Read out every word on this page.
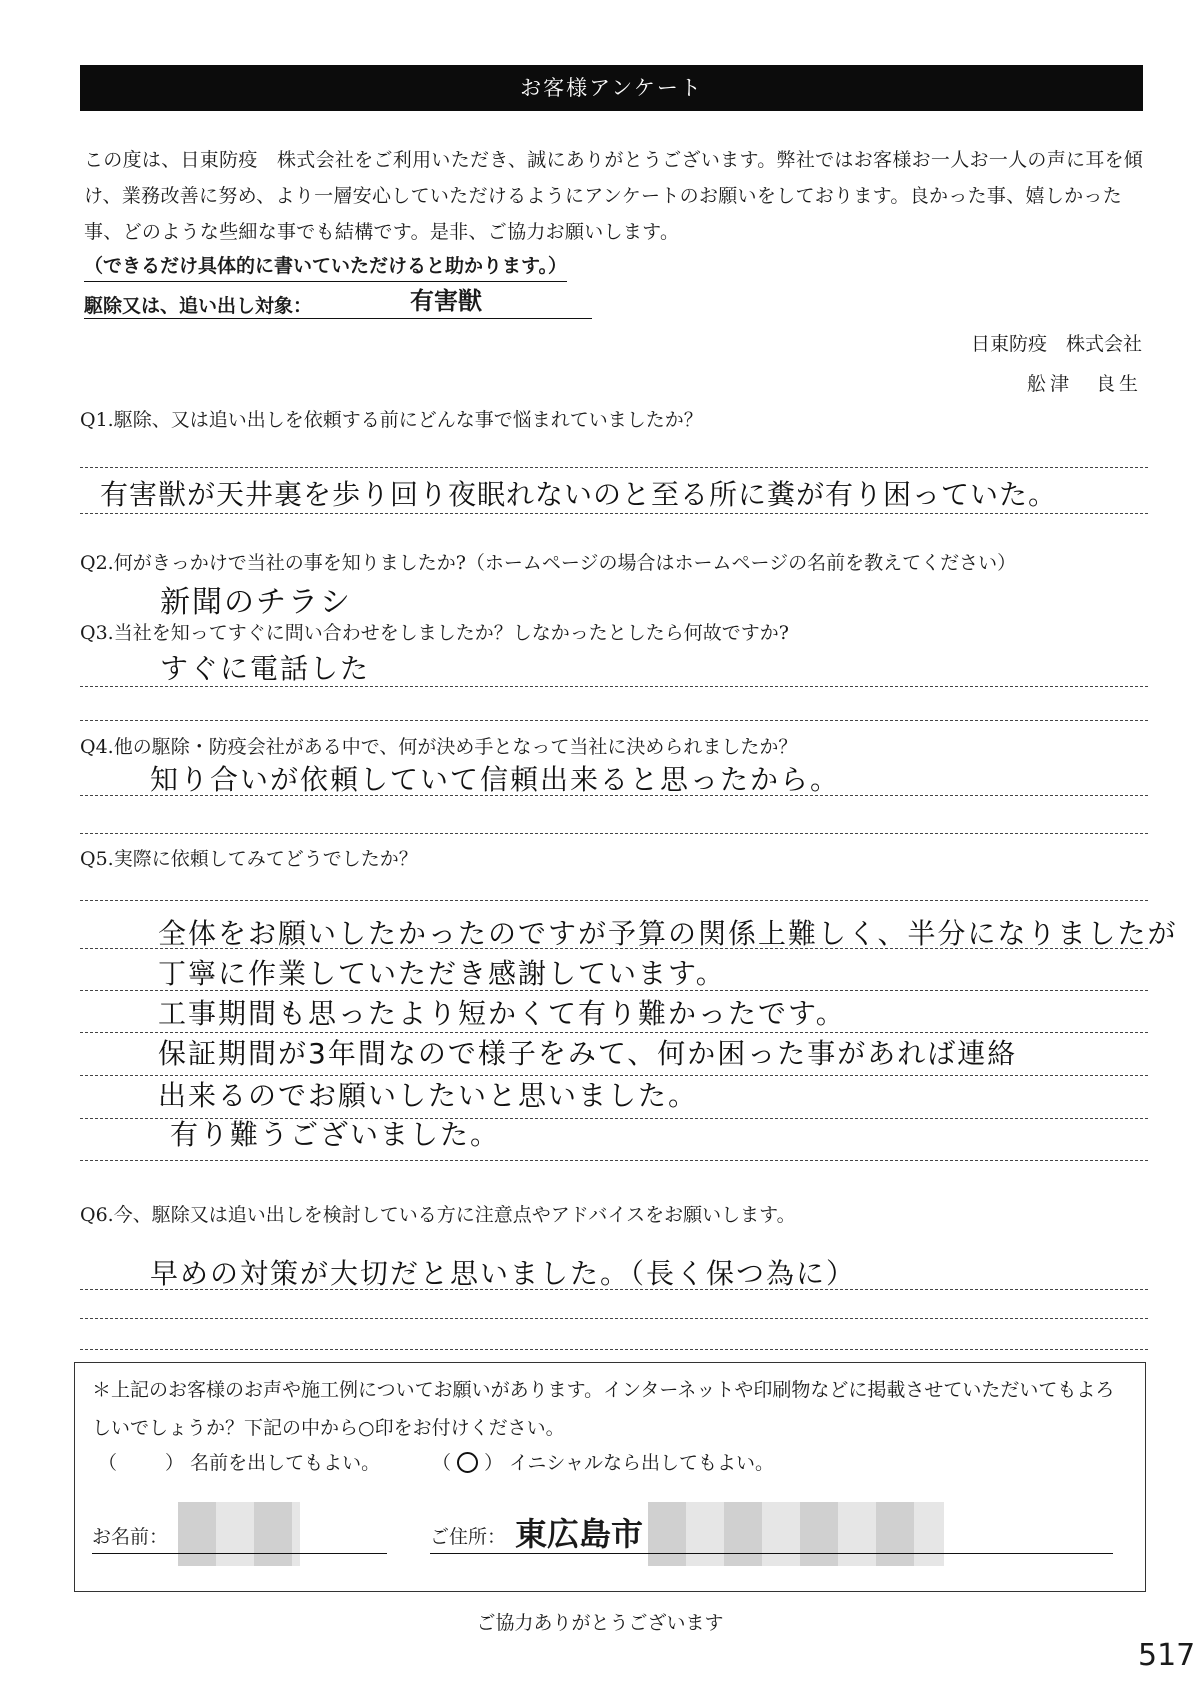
お客様アンケート
この度は、日東防疫　株式会社をご利用いただき、誠にありがとうございます。弊社ではお客様お一人お一人の声に耳を傾け、業務改善に努め、より一層安心していただけるようにアンケートのお願いをしております。良かった事、嬉しかった事、どのような些細な事でも結構です。是非、ご協力お願いします。
（できるだけ具体的に書いていただけると助かります。）
駆除又は、追い出し対象：	有害獣
日東防疫　株式会社
舩津　良生
Q1.駆除、又は追い出しを依頼する前にどんな事で悩まれていましたか？
有害獣が天井裏を歩り回り夜眠れないのと至る所に糞が有り困っていた。
Q2.何がきっかけで当社の事を知りましたか?（ホームページの場合はホームページの名前を教えてください）
新聞のチラシ
Q3.当社を知ってすぐに問い合わせをしましたか？しなかったとしたら何故ですか?
すぐに電話した
Q4.他の駆除・防疫会社がある中で、何が決め手となって当社に決められましたか？
知り合いが依頼していて信頼出来ると思ったから。
Q5.実際に依頼してみてどうでしたか？
全体をお願いしたかったのですが予算の関係上難しく、半分になりましたが
丁寧に作業していただき感謝しています。
工事期間も思ったより短かくて有り難かったです。
保証期間が3年間なので様子をみて、何か困った事があれば連絡
出来るのでお願いしたいと思いました。
有り難うございました。
Q6.今、駆除又は追い出しを検討している方に注意点やアドバイスをお願いします。
早めの対策が大切だと思いました。（長く保つ為に）
＊上記のお客様のお声や施工例についてお願いがあります。インターネットや印刷物などに掲載させていただいてもよろしいでしょうか？下記の中から○印をお付けください。
（	） 名前を出してもよい。	（ ） イニシャルなら出してもよい。
お名前：	ご住所： 東広島市
ご協力ありがとうございます
517
